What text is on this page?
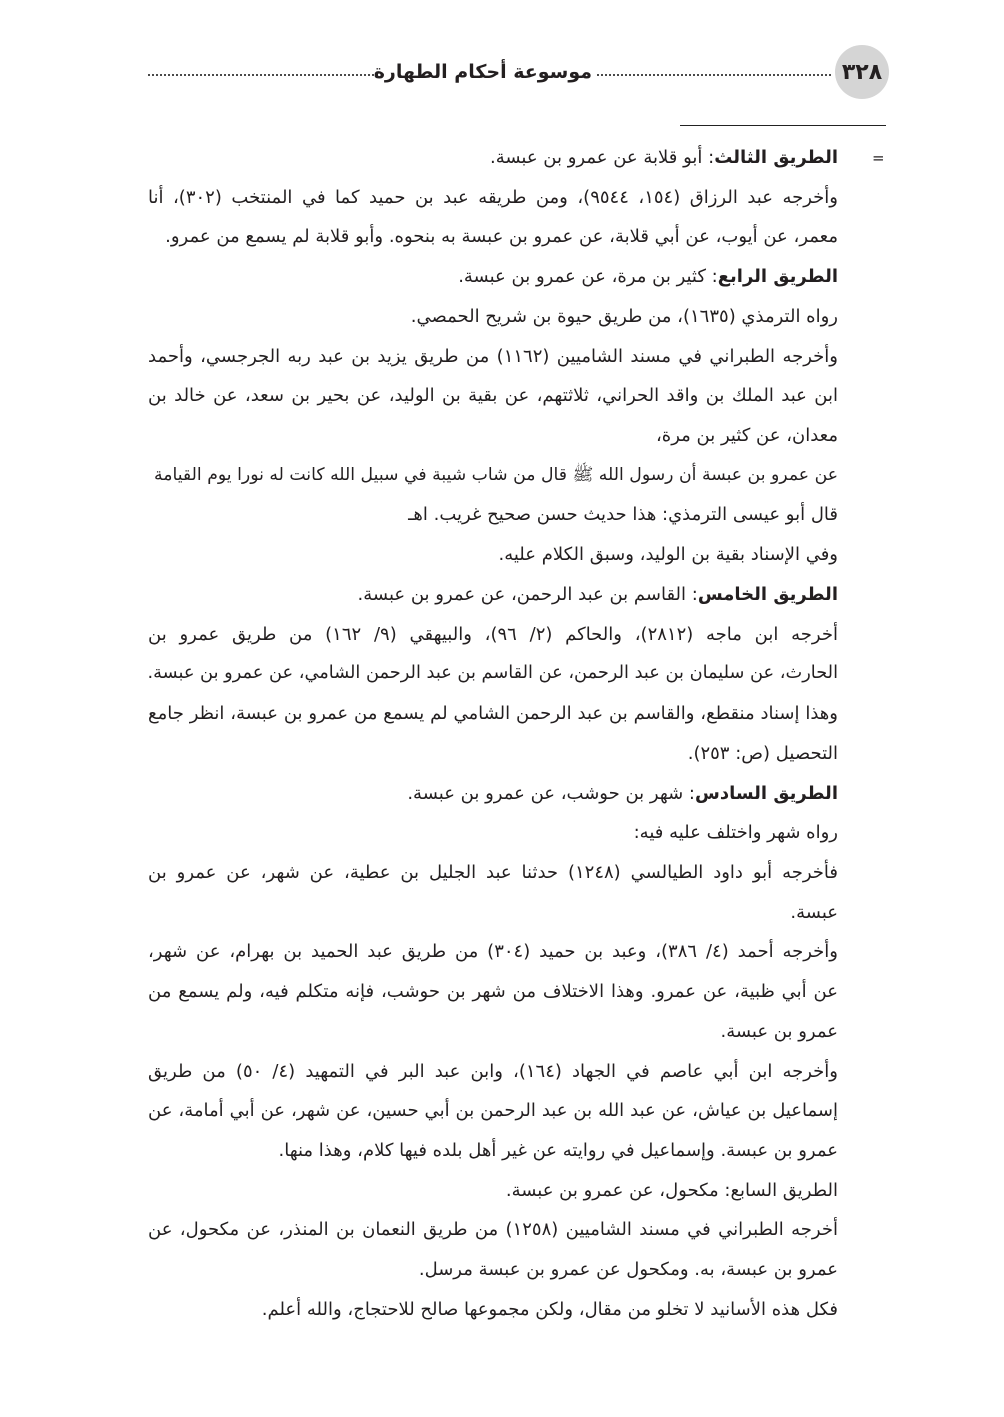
٣٢٨
موسوعة أحكام الطهارة
=
الطريق الثالث: أبو قلابة عن عمرو بن عبسة.
وأخرجه عبد الرزاق (١٥٤، ٩٥٤٤)، ومن طريقه عبد بن حميد كما في المنتخب (٣٠٢)، أنا
معمر، عن أيوب، عن أبي قلابة، عن عمرو بن عبسة به بنحوه. وأبو قلابة لم يسمع من عمرو.
الطريق الرابع: كثير بن مرة، عن عمرو بن عبسة.
رواه الترمذي (١٦٣٥)، من طريق حيوة بن شريح الحمصي.
وأخرجه الطبراني في مسند الشاميين (١١٦٢) من طريق يزيد بن عبد ربه الجرجسي، وأحمد
ابن عبد الملك بن واقد الحراني، ثلاثتهم، عن بقية بن الوليد، عن بحير بن سعد، عن خالد بن
معدان، عن كثير بن مرة،
عن عمرو بن عبسة أن رسول الله ﷺ قال من شاب شيبة في سبيل الله كانت له نورا يوم القيامة
قال أبو عيسى الترمذي: هذا حديث حسن صحيح غريب. اهـ
وفي الإسناد بقية بن الوليد، وسبق الكلام عليه.
الطريق الخامس: القاسم بن عبد الرحمن، عن عمرو بن عبسة.
أخرجه ابن ماجه (٢٨١٢)، والحاكم (٢/ ٩٦)، والبيهقي (٩/ ١٦٢) من طريق عمرو بن
الحارث، عن سليمان بن عبد الرحمن، عن القاسم بن عبد الرحمن الشامي، عن عمرو بن عبسة.
وهذا إسناد منقطع، والقاسم بن عبد الرحمن الشامي لم يسمع من عمرو بن عبسة، انظر جامع
التحصيل (ص: ٢٥٣).
الطريق السادس: شهر بن حوشب، عن عمرو بن عبسة.
رواه شهر واختلف عليه فيه:
فأخرجه أبو داود الطيالسي (١٢٤٨) حدثنا عبد الجليل بن عطية، عن شهر، عن عمرو بن
عبسة.
وأخرجه أحمد (٤/ ٣٨٦)، وعبد بن حميد (٣٠٤) من طريق عبد الحميد بن بهرام، عن شهر،
عن أبي ظبية، عن عمرو. وهذا الاختلاف من شهر بن حوشب، فإنه متكلم فيه، ولم يسمع من
عمرو بن عبسة.
وأخرجه ابن أبي عاصم في الجهاد (١٦٤)، وابن عبد البر في التمهيد (٤/ ٥٠) من طريق
إسماعيل بن عياش، عن عبد الله بن عبد الرحمن بن أبي حسين، عن شهر، عن أبي أمامة، عن
عمرو بن عبسة. وإسماعيل في روايته عن غير أهل بلده فيها كلام، وهذا منها.
الطريق السابع: مكحول، عن عمرو بن عبسة.
أخرجه الطبراني في مسند الشاميين (١٢٥٨) من طريق النعمان بن المنذر، عن مكحول، عن
عمرو بن عبسة، به. ومكحول عن عمرو بن عبسة مرسل.
فكل هذه الأسانيد لا تخلو من مقال، ولكن مجموعها صالح للاحتجاج، والله أعلم.
